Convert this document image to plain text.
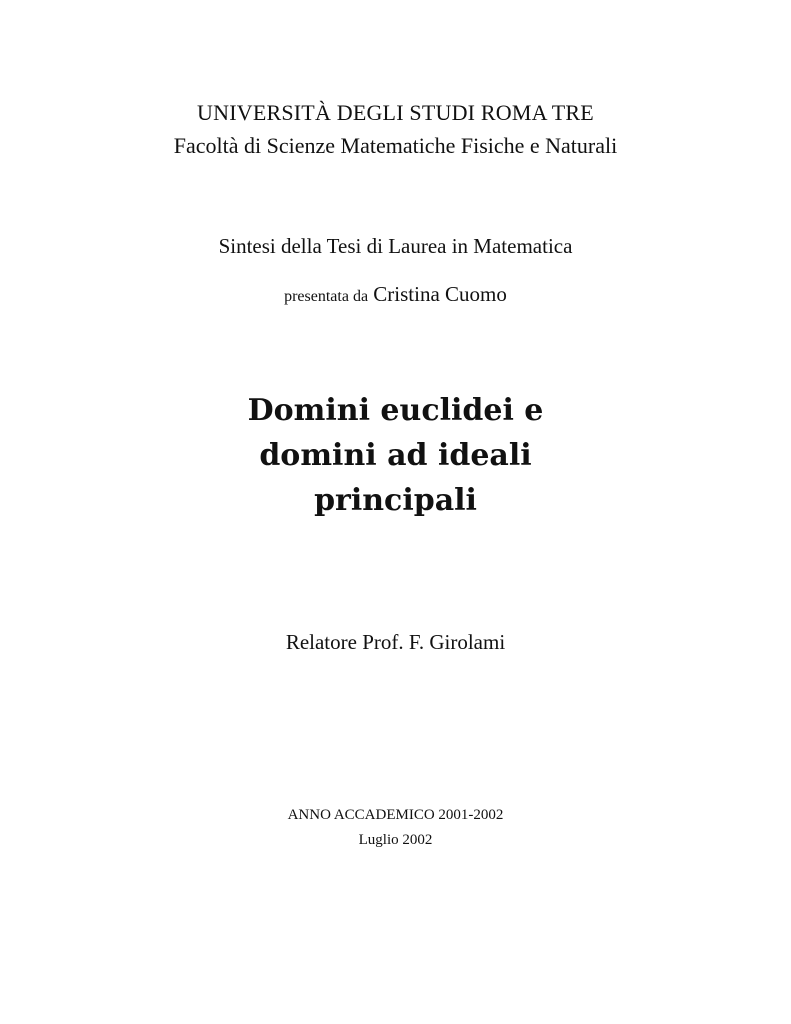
UNIVERSITÀ DEGLI STUDI ROMA TRE
Facoltà di Scienze Matematiche Fisiche e Naturali
Sintesi della Tesi di Laurea in Matematica
presentata da Cristina Cuomo
Domini euclidei e
domini ad ideali
principali
Relatore Prof. F. Girolami
ANNO ACCADEMICO 2001-2002
Luglio 2002
